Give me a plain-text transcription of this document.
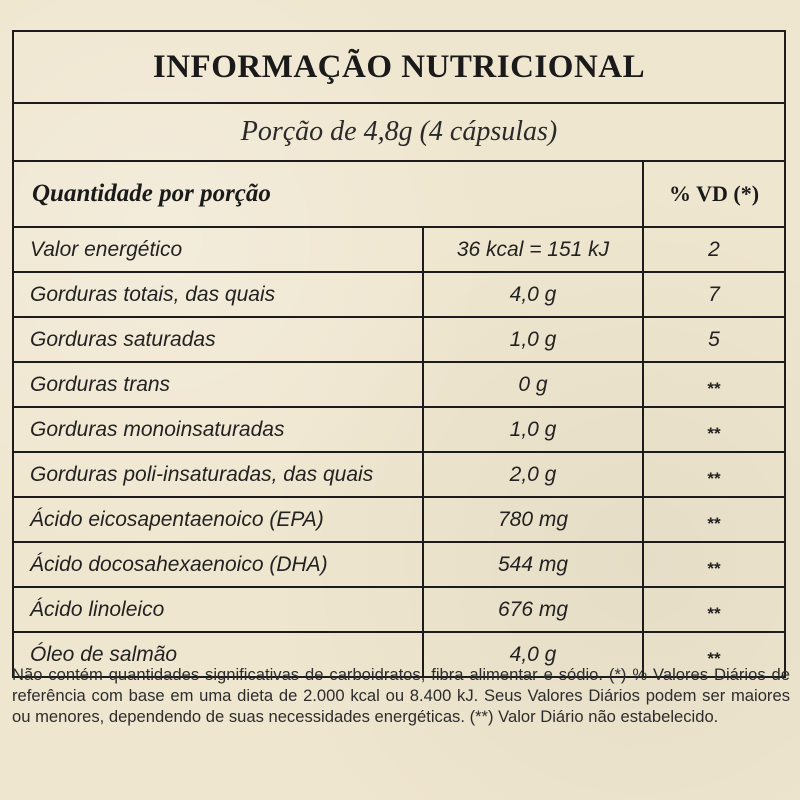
INFORMAÇÃO NUTRICIONAL
Porção de 4,8g (4 cápsulas)
Quantidade por porção	% VD (*)
Valor energético	36 kcal = 151 kJ	2
Gorduras totais, das quais	4,0 g	7
Gorduras saturadas	1,0 g	5
Gorduras trans	0 g	**
Gorduras monoinsaturadas	1,0 g	**
Gorduras poli-insaturadas, das quais	2,0 g	**
Ácido eicosapentaenoico (EPA)	780 mg	**
Ácido docosahexaenoico (DHA)	544 mg	**
Ácido linoleico	676 mg	**
Óleo de salmão	4,0 g	**
Não contém quantidades significativas de carboidratos, fibra alimentar e sódio. (*) % Valores Diários de referência com base em uma dieta de 2.000 kcal ou 8.400 kJ. Seus Valores Diários podem ser maiores ou menores, dependendo de suas necessidades energéticas. (**) Valor Diário não estabelecido.
